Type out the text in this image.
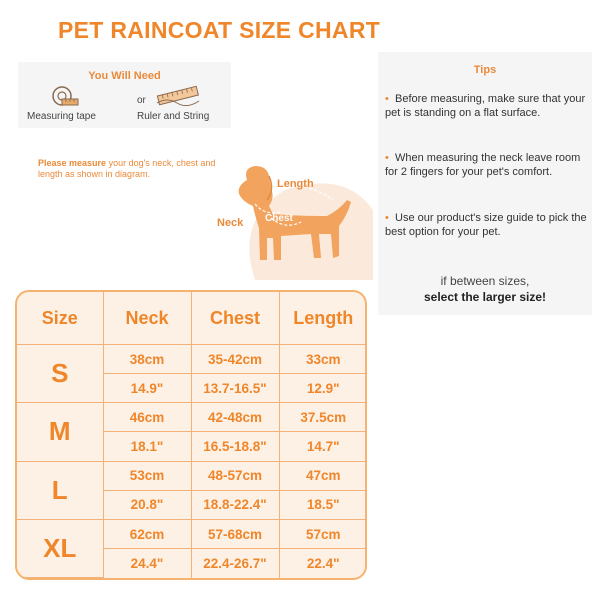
PET RAINCOAT SIZE CHART
You Will Need
or
Measuring tape	Ruler and String
Please measure your dog's neck, chest and length as shown in diagram.
Length
Neck Chest
Tips
• Before measuring, make sure that your pet is standing on a flat surface.
• When measuring the neck leave room for 2 fingers for your pet's comfort.
• Use our product's size guide to pick the best option for your pet.
if between sizes,
select the larger size!
Size	Neck	Chest	Length
S	38cm	35-42cm	33cm
	14.9"	13.7-16.5"	12.9"
M	46cm	42-48cm	37.5cm
	18.1"	16.5-18.8"	14.7"
L	53cm	48-57cm	47cm
	20.8"	18.8-22.4"	18.5"
XL	62cm	57-68cm	57cm
	24.4"	22.4-26.7"	22.4"
